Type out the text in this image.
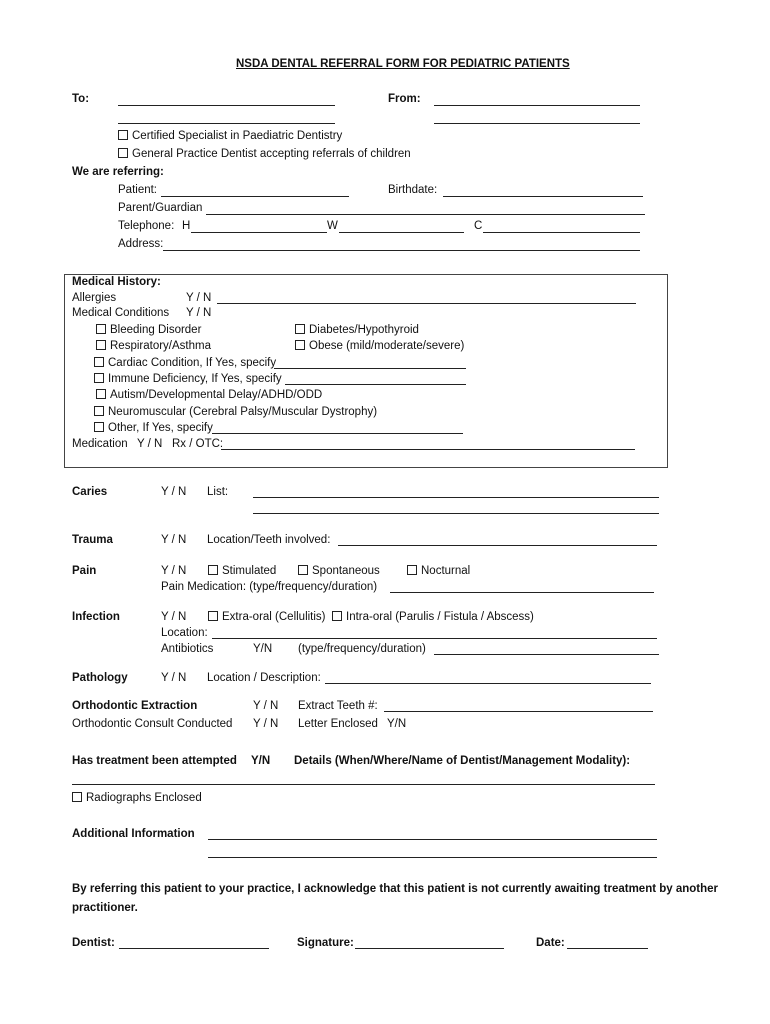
NSDA DENTAL REFERRAL FORM FOR PEDIATRIC PATIENTS
To:	From:
Certified Specialist in Paediatric Dentistry
General Practice Dentist accepting referrals of children
We are referring:
Patient:	Birthdate:
Parent/Guardian
Telephone: H	W	C
Address:
Medical History:
Allergies	Y / N
Medical Conditions Y / N
Bleeding Disorder	Diabetes/Hypothyroid
Respiratory/Asthma	Obese (mild/moderate/severe)
Cardiac Condition, If Yes, specify
Immune Deficiency, If Yes, specify
Autism/Developmental Delay/ADHD/ODD
Neuromuscular (Cerebral Palsy/Muscular Dystrophy)
Other, If Yes, specify
Medication Y / N Rx / OTC:
Caries	Y / N List:
Trauma	Y / N Location/Teeth involved:
Pain	Y / N	Stimulated	Spontaneous	Nocturnal
Pain Medication: (type/frequency/duration)
Infection	Y / N	Extra-oral (Cellulitis)	Intra-oral (Parulis / Fistula / Abscess)
Location:
Antibiotics	Y/N (type/frequency/duration)
Pathology	Y / N Location / Description:
Orthodontic Extraction	Y / N Extract Teeth #:
Orthodontic Consult Conducted Y / N Letter Enclosed Y/N
Has treatment been attempted Y/N Details (When/Where/Name of Dentist/Management Modality):
Radiographs Enclosed
Additional Information
By referring this patient to your practice, I acknowledge that this patient is not currently awaiting treatment by another
practitioner.
Dentist:	Signature:	Date:
